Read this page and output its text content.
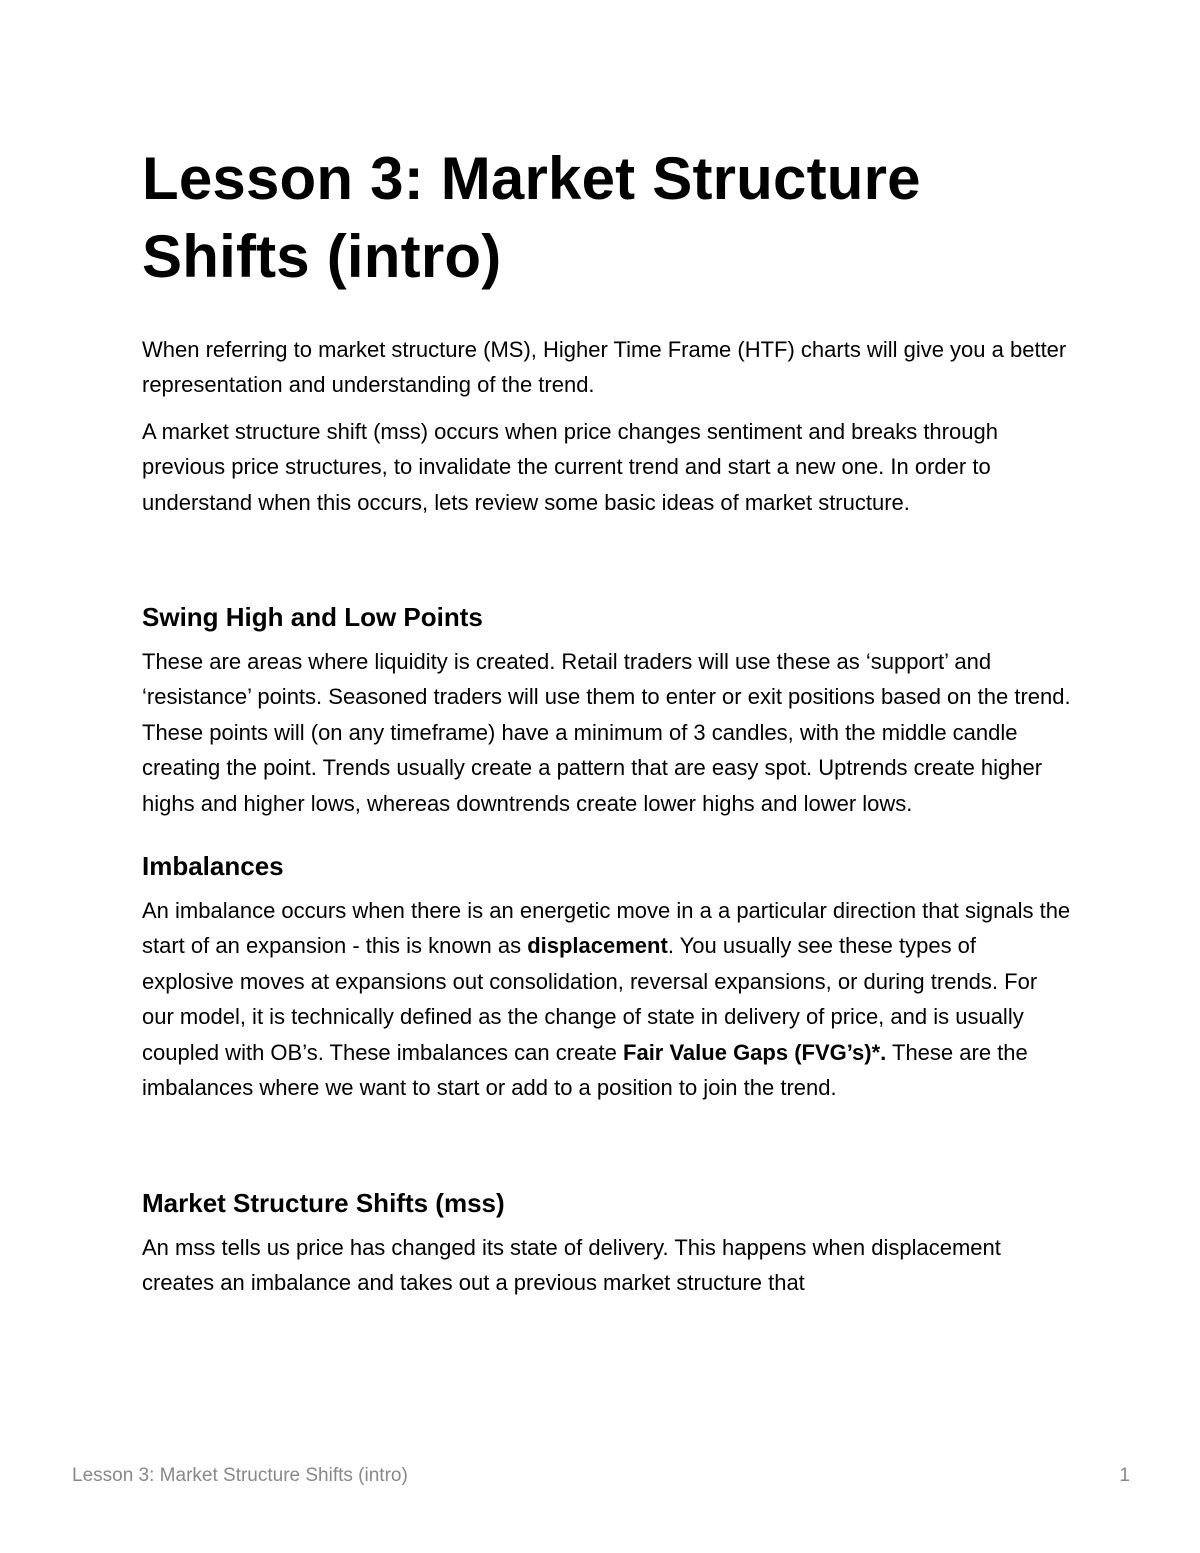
Lesson 3: Market Structure Shifts (intro)

When referring to market structure (MS), Higher Time Frame (HTF) charts will give you a better representation and understanding of the trend.

A market structure shift (mss) occurs when price changes sentiment and breaks through previous price structures, to invalidate the current trend and start a new one. In order to understand when this occurs, lets review some basic ideas of market structure.

Swing High and Low Points

These are areas where liquidity is created. Retail traders will use these as ‘support’ and ‘resistance’ points. Seasoned traders will use them to enter or exit positions based on the trend. These points will (on any timeframe) have a minimum of 3 candles, with the middle candle creating the point. Trends usually create a pattern that are easy spot. Uptrends create higher highs and higher lows, whereas downtrends create lower highs and lower lows.

Imbalances

An imbalance occurs when there is an energetic move in a a particular direction that signals the start of an expansion - this is known as displacement. You usually see these types of explosive moves at expansions out consolidation, reversal expansions, or during trends. For our model, it is technically defined as the change of state in delivery of price, and is usually coupled with OB’s. These imbalances can create Fair Value Gaps (FVG’s)*. These are the imbalances where we want to start or add to a position to join the trend.

Market Structure Shifts (mss)

An mss tells us price has changed its state of delivery. This happens when displacement creates an imbalance and takes out a previous market structure that

Lesson 3: Market Structure Shifts (intro)	1
